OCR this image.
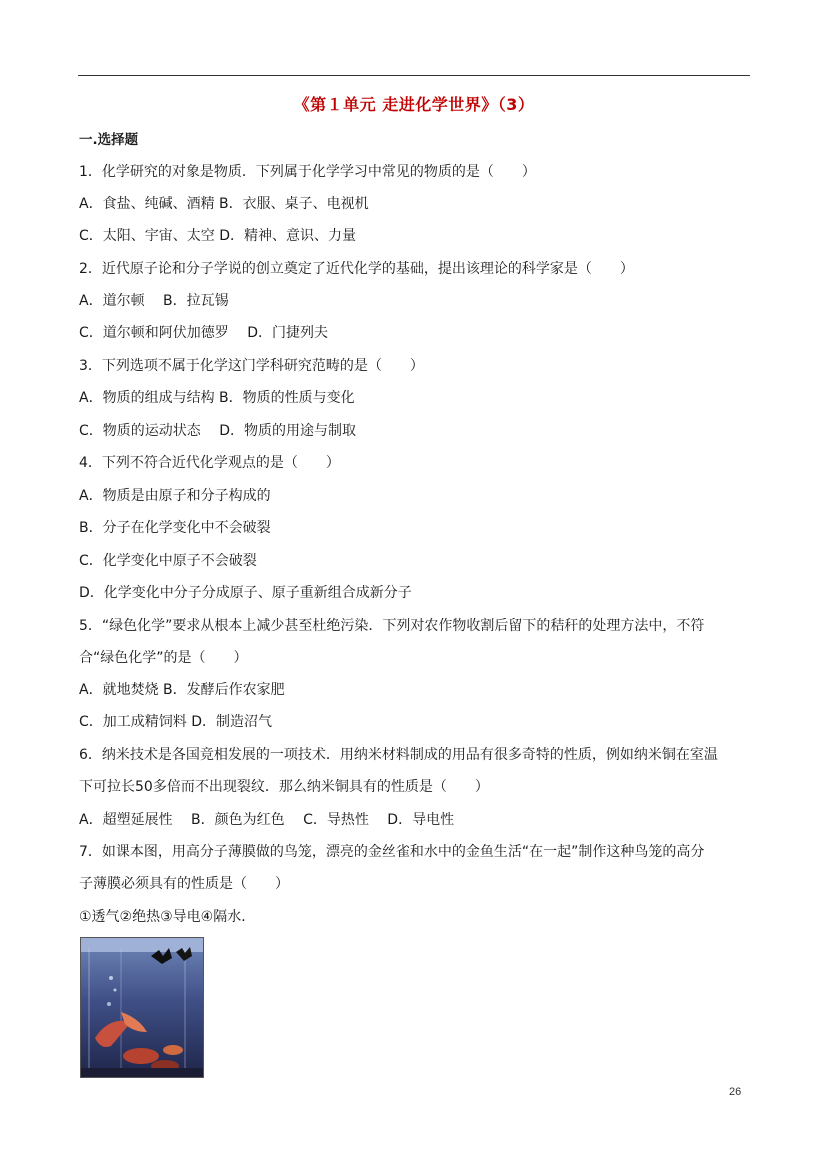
《第１单元 走进化学世界》（3）
一.选择题
1．化学研究的对象是物质．下列属于化学学习中常见的物质的是（　　）
A．食盐、纯碱、酒精 B．衣服、桌子、电视机
C．太阳、宇宙、太空 D．精神、意识、力量
2．近代原子论和分子学说的创立奠定了近代化学的基础，提出该理论的科学家是（　　）
A．道尔顿　 B．拉瓦锡
C．道尔顿和阿伏加德罗　 D．门捷列夫
3．下列选项不属于化学这门学科研究范畴的是（　　）
A．物质的组成与结构 B．物质的性质与变化
C．物质的运动状态　 D．物质的用途与制取
4．下列不符合近代化学观点的是（　　）
A．物质是由原子和分子构成的
B．分子在化学变化中不会破裂
C．化学变化中原子不会破裂
D．化学变化中分子分成原子、原子重新组合成新分子
5．“绿色化学”要求从根本上减少甚至杜绝污染．下列对农作物收割后留下的秸秆的处理方法中，不符
合“绿色化学”的是（　　）
A．就地焚烧 B．发酵后作农家肥
C．加工成精饲料 D．制造沼气
6．纳米技术是各国竞相发展的一项技术．用纳米材料制成的用品有很多奇特的性质，例如纳米铜在室温
下可拉长50多倍而不出现裂纹．那么纳米铜具有的性质是（　　）
A．超塑延展性　 B．颜色为红色　 C．导热性　 D．导电性
7．如课本图，用高分子薄膜做的鸟笼，漂亮的金丝雀和水中的金鱼生活“在一起”制作这种鸟笼的高分
子薄膜必须具有的性质是（　　）
①透气②绝热③导电④隔水．
26
